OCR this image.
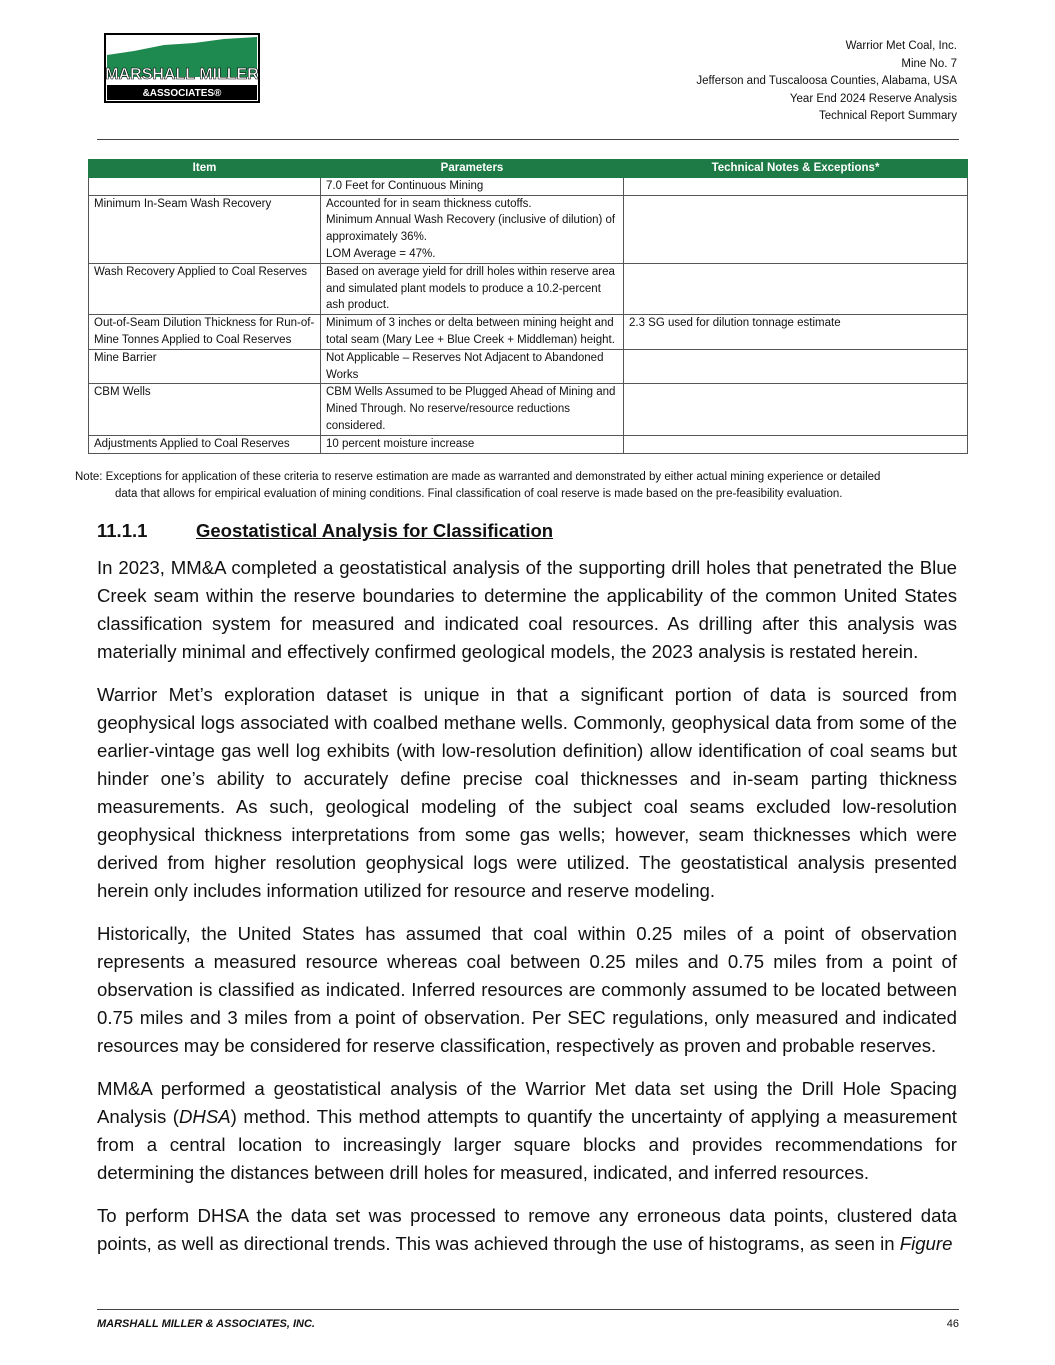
MARSHALL MILLER
&ASSOCIATES®
Warrior Met Coal, Inc.
Mine No. 7
Jefferson and Tuscaloosa Counties, Alabama, USA
Year End 2024 Reserve Analysis
Technical Report Summary
Item	Parameters	Technical Notes & Exceptions*
	7.0 Feet for Continuous Mining	
Minimum In-Seam Wash Recovery	Accounted for in seam thickness cutoffs.
Minimum Annual Wash Recovery (inclusive of dilution) of approximately 36%.
LOM Average = 47%.	
Wash Recovery Applied to Coal Reserves	Based on average yield for drill holes within reserve area and simulated plant models to produce a 10.2-percent ash product.	
Out-of-Seam Dilution Thickness for Run-of-Mine Tonnes Applied to Coal Reserves	Minimum of 3 inches or delta between mining height and total seam (Mary Lee + Blue Creek + Middleman) height.	2.3 SG used for dilution tonnage estimate
Mine Barrier	Not Applicable – Reserves Not Adjacent to Abandoned Works	
CBM Wells	CBM Wells Assumed to be Plugged Ahead of Mining and Mined Through. No reserve/resource reductions considered.	
Adjustments Applied to Coal Reserves	10 percent moisture increase	
Note: Exceptions for application of these criteria to reserve estimation are made as warranted and demonstrated by either actual mining experience or detailed
data that allows for empirical evaluation of mining conditions. Final classification of coal reserve is made based on the pre-feasibility evaluation.
11.1.1	Geostatistical Analysis for Classification

In 2023, MM&A completed a geostatistical analysis of the supporting drill holes that penetrated the Blue Creek seam within the reserve boundaries to determine the applicability of the common United States classification system for measured and indicated coal resources. As drilling after this analysis was materially minimal and effectively confirmed geological models, the 2023 analysis is restated herein.

Warrior Met’s exploration dataset is unique in that a significant portion of data is sourced from geophysical logs associated with coalbed methane wells. Commonly, geophysical data from some of the earlier-vintage gas well log exhibits (with low-resolution definition) allow identification of coal seams but hinder one’s ability to accurately define precise coal thicknesses and in-seam parting thickness measurements. As such, geological modeling of the subject coal seams excluded low-resolution geophysical thickness interpretations from some gas wells; however, seam thicknesses which were derived from higher resolution geophysical logs were utilized. The geostatistical analysis presented herein only includes information utilized for resource and reserve modeling.

Historically, the United States has assumed that coal within 0.25 miles of a point of observation represents a measured resource whereas coal between 0.25 miles and 0.75 miles from a point of observation is classified as indicated. Inferred resources are commonly assumed to be located between 0.75 miles and 3 miles from a point of observation. Per SEC regulations, only measured and indicated resources may be considered for reserve classification, respectively as proven and probable reserves.

MM&A performed a geostatistical analysis of the Warrior Met data set using the Drill Hole Spacing Analysis (DHSA) method. This method attempts to quantify the uncertainty of applying a measurement from a central location to increasingly larger square blocks and provides recommendations for determining the distances between drill holes for measured, indicated, and inferred resources.

To perform DHSA the data set was processed to remove any erroneous data points, clustered data points, as well as directional trends. This was achieved through the use of histograms, as seen in Figure

MARSHALL MILLER & ASSOCIATES, INC.	46
